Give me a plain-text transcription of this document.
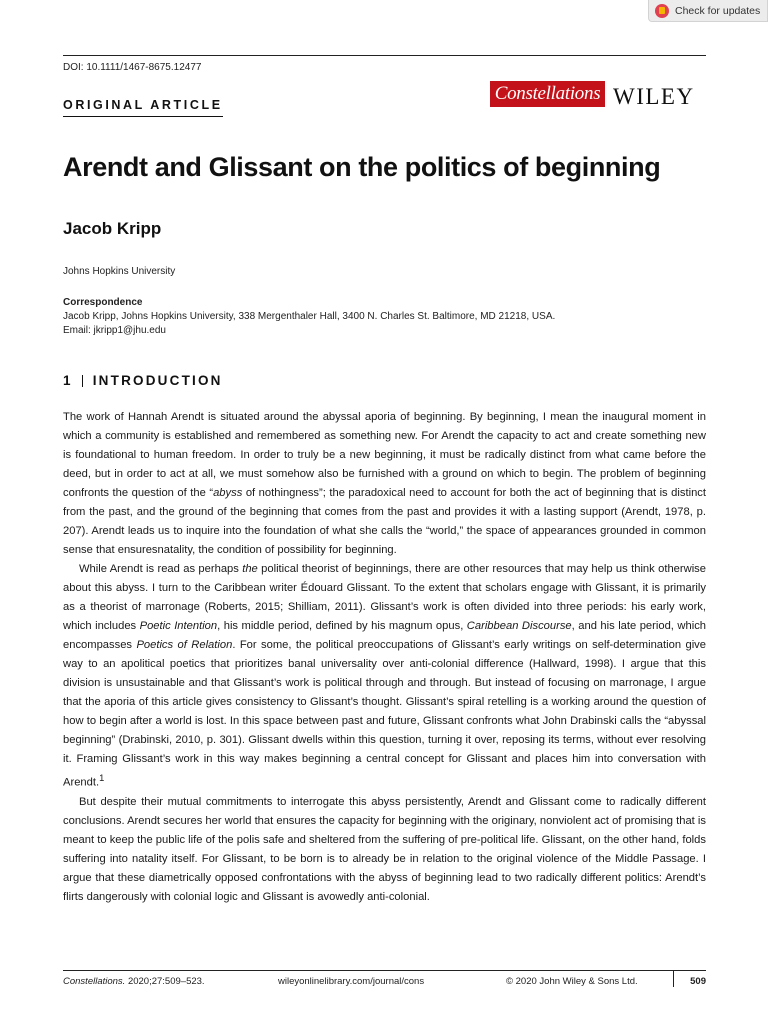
Check for updates
DOI: 10.1111/1467-8675.12477
ORIGINAL ARTICLE
Constellations WILEY
Arendt and Glissant on the politics of beginning
Jacob Kripp
Johns Hopkins University
Correspondence
Jacob Kripp, Johns Hopkins University, 338 Mergenthaler Hall, 3400 N. Charles St. Baltimore, MD 21218, USA.
Email: jkripp1@jhu.edu
1 INTRODUCTION

The work of Hannah Arendt is situated around the abyssal aporia of beginning. By beginning, I mean the inaugural moment in which a community is established and remembered as something new. For Arendt the capacity to act and create something new is foundational to human freedom. In order to truly be a new beginning, it must be radically distinct from what came before the deed, but in order to act at all, we must somehow also be furnished with a ground on which to begin. The problem of beginning confronts the question of the “abyss of nothingness”; the paradoxical need to account for both the act of beginning that is distinct from the past, and the ground of the beginning that comes from the past and provides it with a lasting support (Arendt, 1978, p. 207). Arendt leads us to inquire into the foundation of what she calls the “world,” the space of appearances grounded in common sense that ensuresnatality, the condition of possibility for beginning.

While Arendt is read as perhaps the political theorist of beginnings, there are other resources that may help us think otherwise about this abyss. I turn to the Caribbean writer Édouard Glissant. To the extent that scholars engage with Glissant, it is primarily as a theorist of marronage (Roberts, 2015; Shilliam, 2011). Glissant’s work is often divided into three periods: his early work, which includes Poetic Intention, his middle period, defined by his magnum opus, Caribbean Discourse, and his late period, which encompasses Poetics of Relation. For some, the political preoccupations of Glissant’s early writings on self-determination give way to an apolitical poetics that prioritizes banal universality over anti-colonial difference (Hallward, 1998). I argue that this division is unsustainable and that Glissant’s work is political through and through. But instead of focusing on marronage, I argue that the aporia of this article gives consistency to Glissant’s thought. Glissant’s spiral retelling is a working around the question of how to begin after a world is lost. In this space between past and future, Glissant confronts what John Drabinski calls the “abyssal beginning” (Drabinski, 2010, p. 301). Glissant dwells within this question, turning it over, reposing its terms, without ever resolving it. Framing Glissant’s work in this way makes beginning a central concept for Glissant and places him into conversation with Arendt.$^1$

But despite their mutual commitments to interrogate this abyss persistently, Arendt and Glissant come to radically different conclusions. Arendt secures her world that ensures the capacity for beginning with the originary, nonviolent act of promising that is meant to keep the public life of the polis safe and sheltered from the suffering of pre-political life. Glissant, on the other hand, folds suffering into natality itself. For Glissant, to be born is to already be in relation to the original violence of the Middle Passage. I argue that these diametrically opposed confrontations with the abyss of beginning lead to two radically different politics: Arendt’s flirts dangerously with colonial logic and Glissant is avowedly anti-colonial.

Constellations. 2020;27:509–523.	wileyonlinelibrary.com/journal/cons	© 2020 John Wiley & Sons Ltd.	509
